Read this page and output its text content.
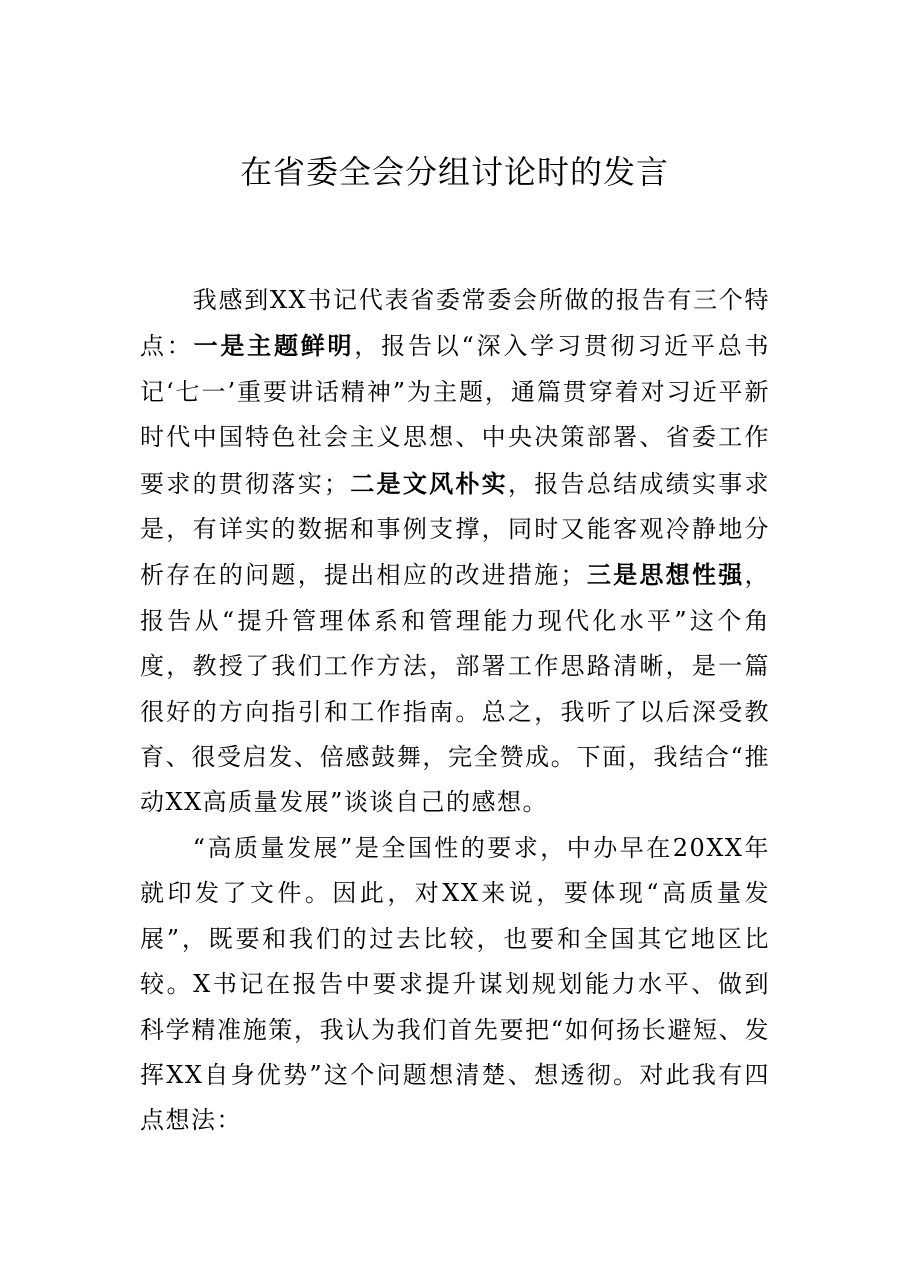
在省委全会分组讨论时的发言

我感到XX书记代表省委常委会所做的报告有三个特点：一是主题鲜明，报告以“深入学习贯彻习近平总书记‘七一’重要讲话精神”为主题，通篇贯穿着对习近平新时代中国特色社会主义思想、中央决策部署、省委工作要求的贯彻落实；二是文风朴实，报告总结成绩实事求是，有详实的数据和事例支撑，同时又能客观冷静地分析存在的问题，提出相应的改进措施；三是思想性强，报告从“提升管理体系和管理能力现代化水平”这个角度，教授了我们工作方法，部署工作思路清晰，是一篇很好的方向指引和工作指南。总之，我听了以后深受教育、很受启发、倍感鼓舞，完全赞成。下面，我结合“推动XX高质量发展”谈谈自己的感想。

“高质量发展”是全国性的要求，中办早在20XX年就印发了文件。因此，对XX来说，要体现“高质量发展”，既要和我们的过去比较，也要和全国其它地区比较。X书记在报告中要求提升谋划规划能力水平、做到科学精准施策，我认为我们首先要把“如何扬长避短、发挥XX自身优势”这个问题想清楚、想透彻。对此我有四点想法：
